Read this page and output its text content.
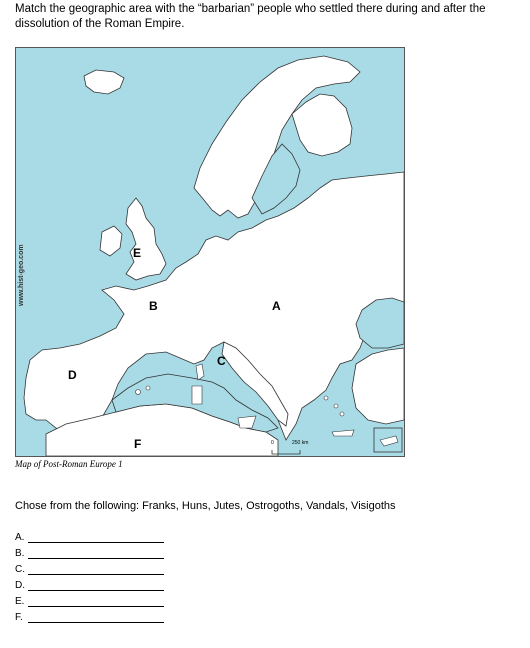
Match the geographic area with the “barbarian” people who settled there during and after the dissolution of the Roman Empire.
0	250 km
www.hist-geo.com	A
B
C
D
E
F
Map of Post-Roman Europe 1
Chose from the following: Franks, Huns, Jutes, Ostrogoths, Vandals, Visigoths
A.
B.
C.
D.
E.
F.
